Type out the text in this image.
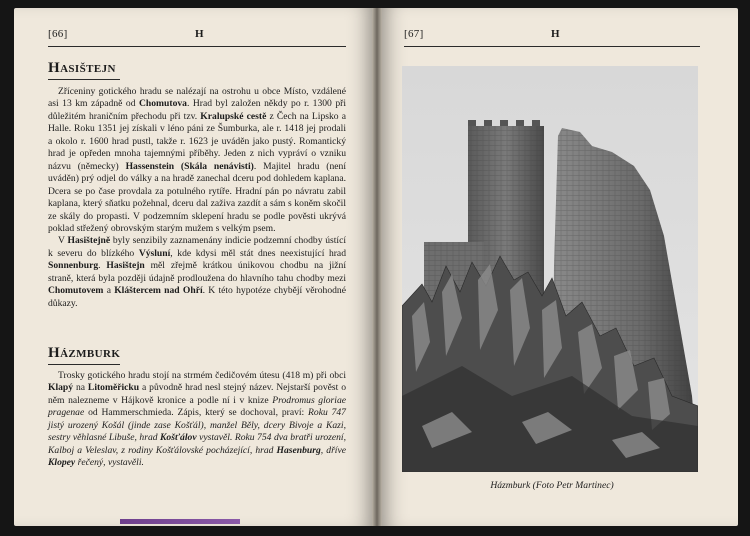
[66]	H
Hasištejn

Zříceniny gotického hradu se nalézají na ostrohu u obce Místo, vzdálené asi 13 km západně od Chomutova. Hrad byl založen někdy po r. 1300 při důležitém hraničním přechodu při tzv. Kralupské cestě z Čech na Lipsko a Halle. Roku 1351 jej získali v léno páni ze Šumburka, ale r. 1418 jej prodali a okolo r. 1600 hrad pustl, takže r. 1623 je uváděn jako pustý. Romantický hrad je opředen mnoha tajemnými příběhy. Jeden z nich vypráví o vzniku názvu (německy) Hassenstein (Skála nenávisti). Majitel hradu (není uváděn) prý odjel do války a na hradě zanechal dceru pod dohledem kaplana. Dcera se po čase provdala za potulného rytíře. Hradní pán po návratu zabil kaplana, který sňatku požehnal, dceru dal zaživa zazdít a sám s koněm skočil ze skály do propasti. V podzemním sklepení hradu se podle pověsti ukrývá poklad střežený obrovským starým mužem s velkým psem.

V Hasištejně byly senzibily zaznamenány indicie podzemní chodby ústící k severu do blízkého Výsluní, kde kdysi měl stát dnes neexistující hrad Sonnenburg. Hasištejn měl zřejmě krátkou únikovou chodbu na jižní straně, která byla později údajně prodloužena do hlavního tahu chodby mezi Chomutovem a Kláštercem nad Ohří. K této hypotéze chybějí věrohodné důkazy.

Házmburk

Trosky gotického hradu stojí na strmém čedičovém útesu (418 m) při obci Klapý na Litoměřicku a původně hrad nesl stejný název. Nejstarší pověst o něm nalezneme v Hájkově kronice a podle ní i v knize Prodromus gloriae pragenae od Hammerschmieda. Zápis, který se dochoval, praví: Roku 747 jistý urozený Košál (jinde zase Košťál), manžel Běly, dcery Bivoje a Kazi, sestry věhlasné Libuše, hrad Košťálov vystavěl. Roku 754 dva bratři urození, Kalboj a Veleslav, z rodiny Košťálovské pocházející, hrad Hasenburg, dříve Klopey řečený, vystavěli.

[67]	H
Házmburk (Foto Petr Martinec)
